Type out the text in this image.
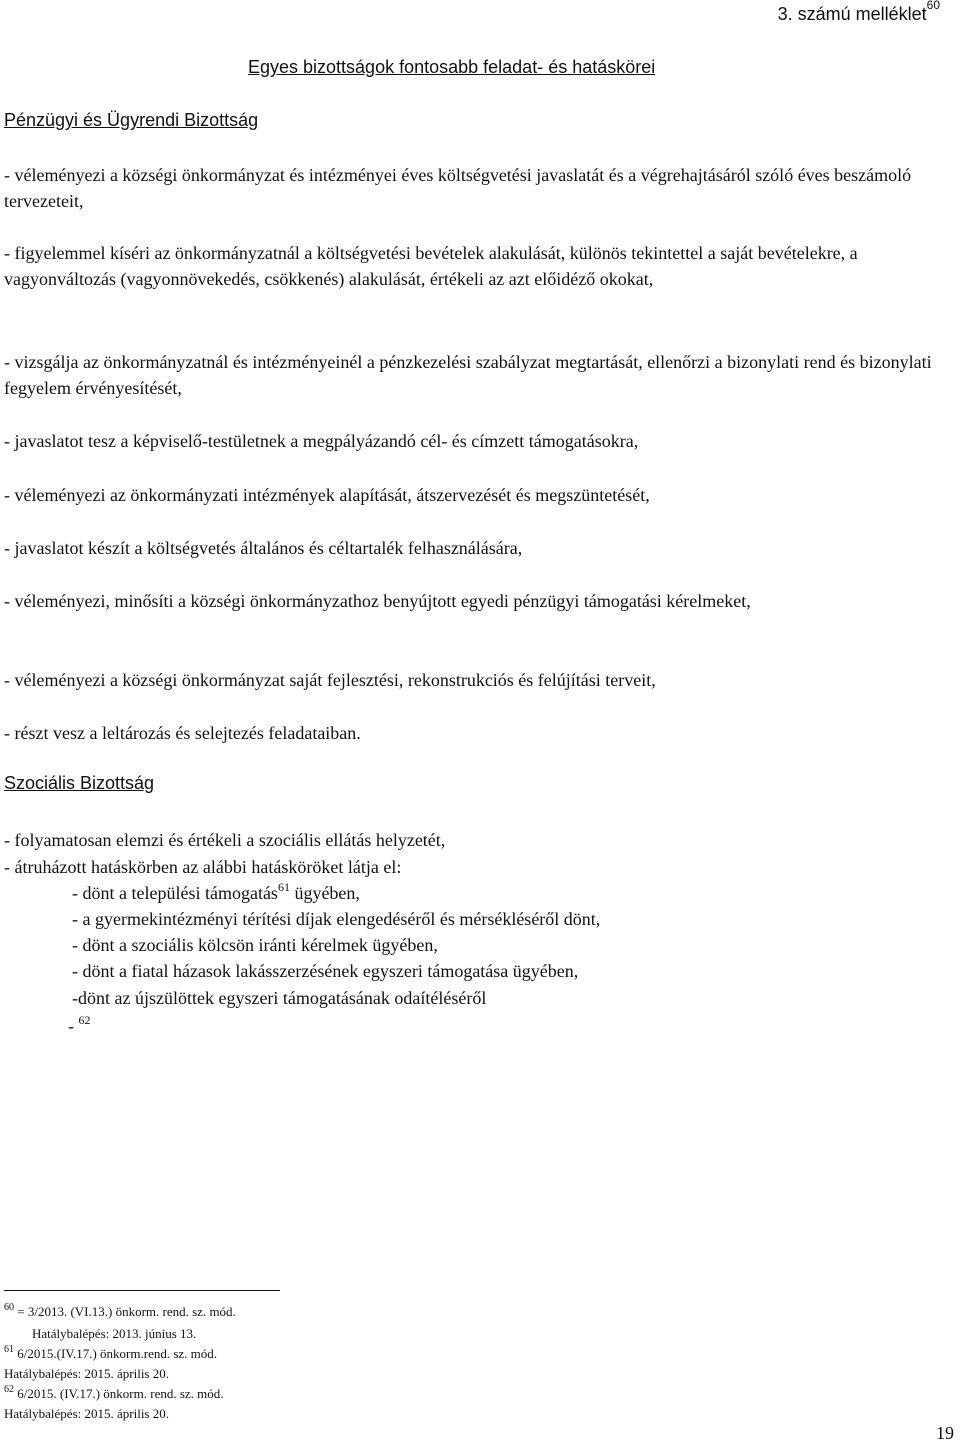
3. számú melléklet$^{60}$
Egyes bizottságok fontosabb feladat- és hatáskörei
Pénzügyi és Ügyrendi Bizottság
- véleményezi a községi önkormányzat és intézményei éves költségvetési javaslatát és a végrehajtásáról szóló éves beszámoló tervezeteit,
- figyelemmel kíséri az önkormányzatnál a költségvetési bevételek alakulását, különös tekintettel a saját bevételekre, a vagyonváltozás (vagyonnövekedés, csökkenés) alakulását, értékeli az azt előidéző okokat,
- vizsgálja az önkormányzatnál és intézményeinél a pénzkezelési szabályzat megtartását, ellenőrzi a bizonylati rend és bizonylati fegyelem érvényesítését,
- javaslatot tesz a képviselő-testületnek a megpályázandó cél- és címzett támogatásokra,
- véleményezi az önkormányzati intézmények alapítását, átszervezését és megszüntetését,
- javaslatot készít a költségvetés általános és céltartalék felhasználására,
- véleményezi, minősíti a községi önkormányzathoz benyújtott egyedi pénzügyi támogatási kérelmeket,
- véleményezi a községi önkormányzat saját fejlesztési, rekonstrukciós és felújítási terveit,
- részt vesz a leltározás és selejtezés feladataiban.
Szociális Bizottság
- folyamatosan elemzi és értékeli a szociális ellátás helyzetét,
- átruházott hatáskörben az alábbi hatásköröket látja el:
- dönt a települési támogatás$^{61}$ ügyében,
- a gyermekintézményi térítési díjak elengedéséről és mérsékléséről dönt,
- dönt a szociális kölcsön iránti kérelmek ügyében,
- dönt a fiatal házasok lakásszerzésének egyszeri támogatása ügyében,
-dönt az újszülöttek egyszeri támogatásának odaítéléséről
- $^{62}$
$^{60}$ = 3/2013. (VI.13.) önkorm. rend. sz. mód.
Hatálybalépés: 2013. június 13.
$^{61}$ 6/2015.(IV.17.) önkorm.rend. sz. mód.
Hatálybalépés: 2015. április 20.
$^{62}$ 6/2015. (IV.17.) önkorm. rend. sz. mód.
Hatálybalépés: 2015. április 20.
19
